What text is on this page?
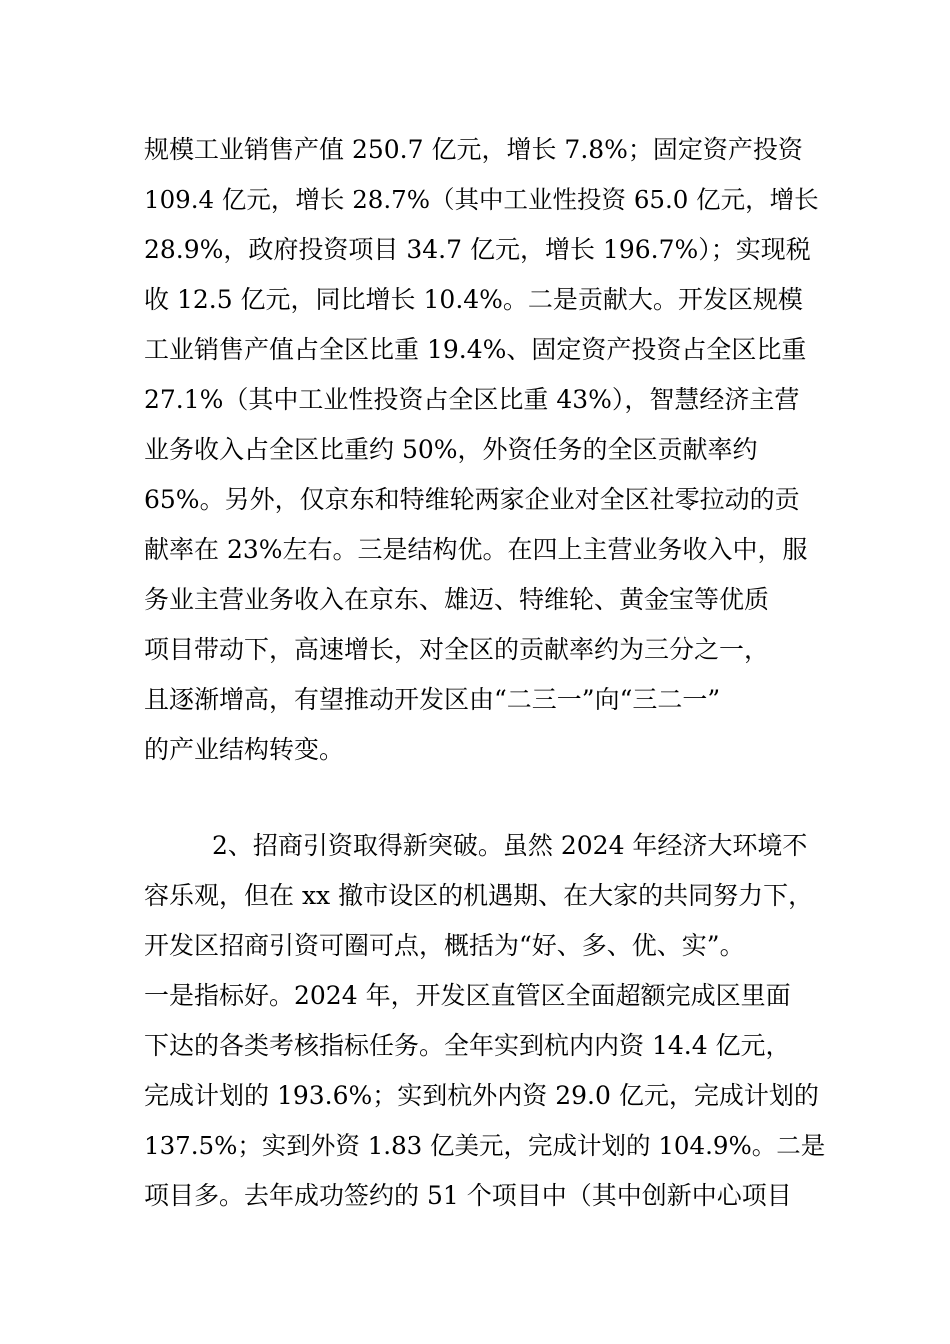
规模工业销售产值 250.7 亿元，增长 7.8%；固定资产投资

109.4 亿元，增长 28.7%（其中工业性投资 65.0 亿元，增长

28.9%，政府投资项目 34.7 亿元，增长 196.7%）；实现税

收 12.5 亿元，同比增长 10.4%。二是贡献大。开发区规模

工业销售产值占全区比重 19.4%、固定资产投资占全区比重

27.1%（其中工业性投资占全区比重 43%），智慧经济主营

业务收入占全区比重约 50%，外资任务的全区贡献率约

65%。另外，仅京东和特维轮两家企业对全区社零拉动的贡

献率在 23%左右。三是结构优。在四上主营业务收入中，服

务业主营业务收入在京东、雄迈、特维轮、黄金宝等优质

项目带动下，高速增长，对全区的贡献率约为三分之一，

且逐渐增高，有望推动开发区由“二三一”向“三二一”

的产业结构转变。

2、招商引资取得新突破。虽然 2024 年经济大环境不

容乐观，但在 xx 撤市设区的机遇期、在大家的共同努力下，

开发区招商引资可圈可点，概括为“好、多、优、实”。

一是指标好。2024 年，开发区直管区全面超额完成区里面

下达的各类考核指标任务。全年实到杭内内资 14.4 亿元，

完成计划的 193.6%；实到杭外内资 29.0 亿元，完成计划的

137.5%；实到外资 1.83 亿美元，完成计划的 104.9%。二是

项目多。去年成功签约的 51 个项目中（其中创新中心项目
